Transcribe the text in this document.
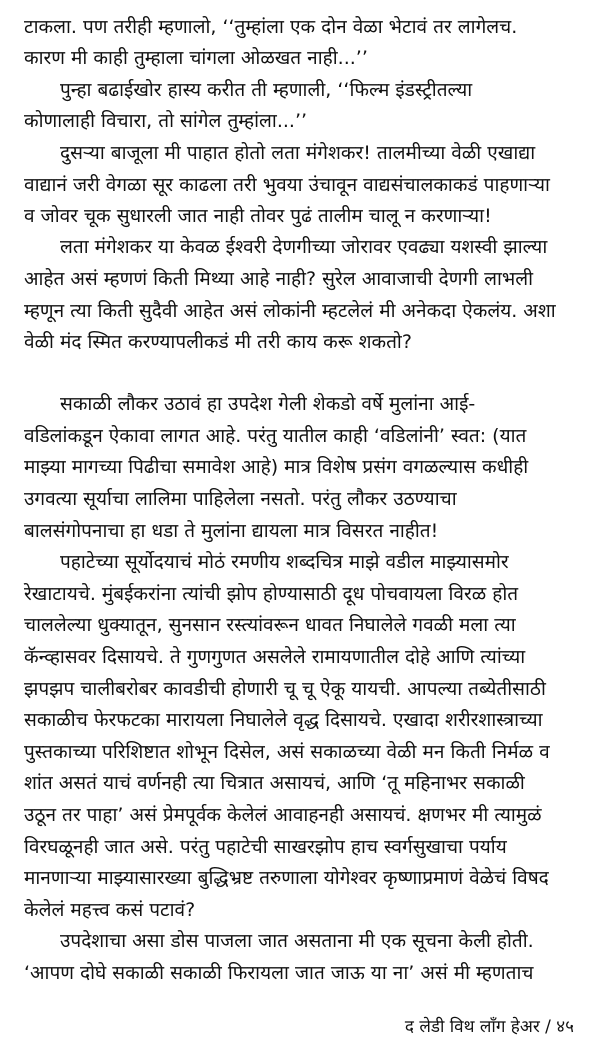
टाकला. पण तरीही म्हणालो, ‘‘तुम्हांला एक दोन वेळा भेटावं तर लागेलच.
कारण मी काही तुम्हाला चांगला ओळखत नाही...’’
पुन्हा बढाईखोर हास्य करीत ती म्हणाली, ‘‘फिल्म इंडस्ट्रीतल्या
कोणालाही विचारा, तो सांगेल तुम्हांला...’’
दुसऱ्या बाजूला मी पाहात होतो लता मंगेशकर! तालमीच्या वेळी एखाद्या
वाद्यानं जरी वेगळा सूर काढला तरी भुवया उंचावून वाद्यसंचालकाकडं पाहणाऱ्या
व जोवर चूक सुधारली जात नाही तोवर पुढं तालीम चालू न करणाऱ्या!
लता मंगेशकर या केवळ ईश्वरी देणगीच्या जोरावर एवढ्या यशस्वी झाल्या
आहेत असं म्हणणं किती मिथ्या आहे नाही? सुरेल आवाजाची देणगी लाभली
म्हणून त्या किती सुदैवी आहेत असं लोकांनी म्हटलेलं मी अनेकदा ऐकलंय. अशा
वेळी मंद स्मित करण्यापलीकडं मी तरी काय करू शकतो?
सकाळी लौकर उठावं हा उपदेश गेली शेकडो वर्षे मुलांना आई-
वडिलांकडून ऐकावा लागत आहे. परंतु यातील काही ‘वडिलांनी’ स्वत: (यात
माझ्या मागच्या पिढीचा समावेश आहे) मात्र विशेष प्रसंग वगळल्यास कधीही
उगवत्या सूर्याचा लालिमा पाहिलेला नसतो. परंतु लौकर उठण्याचा
बालसंगोपनाचा हा धडा ते मुलांना द्यायला मात्र विसरत नाहीत!
पहाटेच्या सूर्योदयाचं मोठं रमणीय शब्दचित्र माझे वडील माझ्यासमोर
रेखाटायचे. मुंबईकरांना त्यांची झोप होण्यासाठी दूध पोचवायला विरळ होत
चाललेल्या धुक्यातून, सुनसान रस्त्यांवरून धावत निघालेले गवळी मला त्या
कॅन्व्हासवर दिसायचे. ते गुणगुणत असलेले रामायणातील दोहे आणि त्यांच्या
झपझप चालीबरोबर कावडीची होणारी चू चू ऐकू यायची. आपल्या तब्येतीसाठी
सकाळीच फेरफटका मारायला निघालेले वृद्ध दिसायचे. एखादा शरीरशास्त्राच्या
पुस्तकाच्या परिशिष्टात शोभून दिसेल, असं सकाळच्या वेळी मन किती निर्मळ व
शांत असतं याचं वर्णनही त्या चित्रात असायचं, आणि ‘तू महिनाभर सकाळी
उठून तर पाहा’ असं प्रेमपूर्वक केलेलं आवाहनही असायचं. क्षणभर मी त्यामुळं
विरघळूनही जात असे. परंतु पहाटेची साखरझोप हाच स्वर्गसुखाचा पर्याय
मानणाऱ्या माझ्यासारख्या बुद्धिभ्रष्ट तरुणाला योगेश्वर कृष्णाप्रमाणं वेळेचं विषद
केलेलं महत्त्व कसं पटावं?
उपदेशाचा असा डोस पाजला जात असताना मी एक सूचना केली होती.
‘आपण दोघे सकाळी सकाळी फिरायला जात जाऊ या ना’ असं मी म्हणताच
द लेडी विथ लाँग हेअर / ४५
